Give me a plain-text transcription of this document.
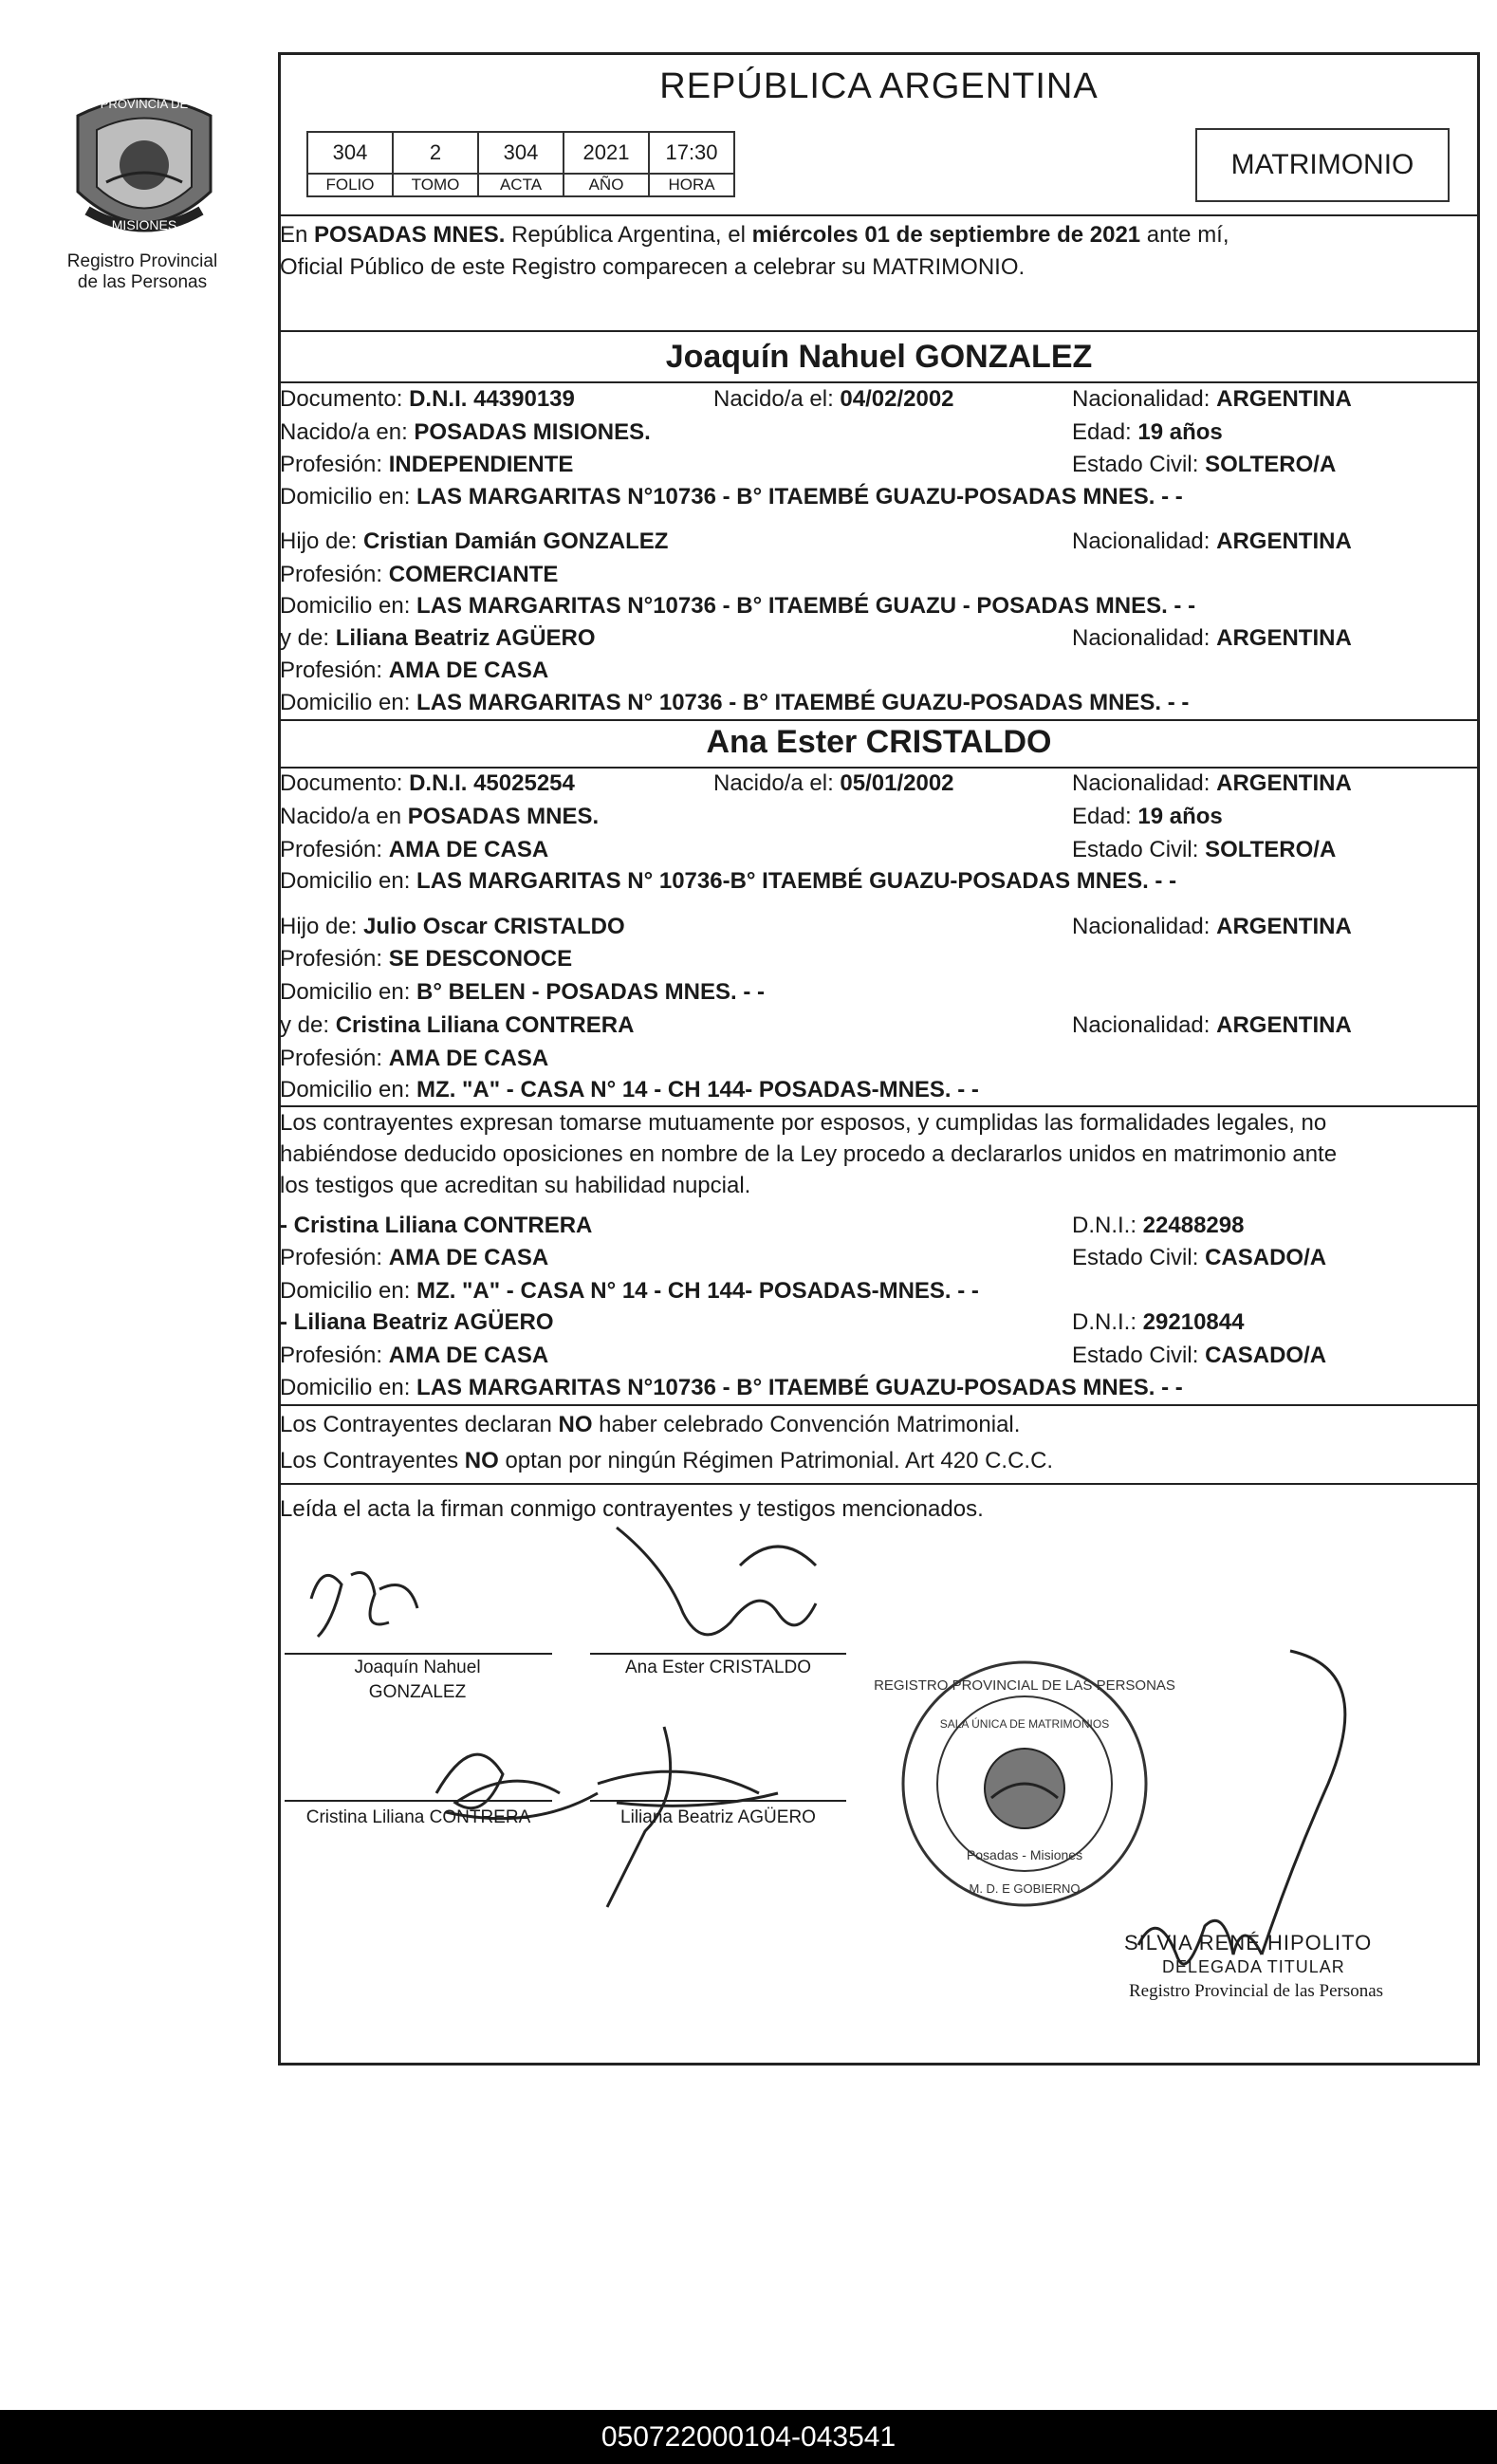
PROVINCIA DE
MISIONES
Registro Provincial
de las Personas
REPÚBLICA ARGENTINA
304	2	304	2021	17:30
FOLIO	TOMO	ACTA	AÑO	HORA
MATRIMONIO
En POSADAS MNES. República Argentina, el miércoles 01 de septiembre de 2021 ante mí,
Oficial Público de este Registro comparecen a celebrar su MATRIMONIO.
Joaquín Nahuel GONZALEZ
Documento: D.N.I. 44390139	Nacido/a el: 04/02/2002	Nacionalidad: ARGENTINA
Nacido/a en: POSADAS MISIONES.	Edad: 19 años
Profesión: INDEPENDIENTE	Estado Civil: SOLTERO/A
Domicilio en: LAS MARGARITAS N°10736 - B° ITAEMBÉ GUAZU-POSADAS MNES. - -
Hijo de: Cristian Damián GONZALEZ	Nacionalidad: ARGENTINA
Profesión: COMERCIANTE
Domicilio en: LAS MARGARITAS N°10736 - B° ITAEMBÉ GUAZU - POSADAS MNES. - -
y de: Liliana Beatriz AGÜERO	Nacionalidad: ARGENTINA
Profesión: AMA DE CASA
Domicilio en: LAS MARGARITAS N° 10736 - B° ITAEMBÉ GUAZU-POSADAS MNES. - -
Ana Ester CRISTALDO
Documento: D.N.I. 45025254	Nacido/a el: 05/01/2002	Nacionalidad: ARGENTINA
Nacido/a en POSADAS MNES.	Edad: 19 años
Profesión: AMA DE CASA	Estado Civil: SOLTERO/A
Domicilio en: LAS MARGARITAS N° 10736-B° ITAEMBÉ GUAZU-POSADAS MNES. - -
Hijo de: Julio Oscar CRISTALDO	Nacionalidad: ARGENTINA
Profesión: SE DESCONOCE
Domicilio en: B° BELEN - POSADAS MNES. - -
y de: Cristina Liliana CONTRERA	Nacionalidad: ARGENTINA
Profesión: AMA DE CASA
Domicilio en: MZ. "A" - CASA N° 14 - CH 144- POSADAS-MNES. - -
Los contrayentes expresan tomarse mutuamente por esposos, y cumplidas las formalidades legales, no
habiéndose deducido oposiciones en nombre de la Ley procedo a declararlos unidos en matrimonio ante
los testigos que acreditan su habilidad nupcial.
- Cristina Liliana CONTRERA	D.N.I.: 22488298
Profesión: AMA DE CASA	Estado Civil: CASADO/A
Domicilio en: MZ. "A" - CASA N° 14 - CH 144- POSADAS-MNES. - -
- Liliana Beatriz AGÜERO	D.N.I.: 29210844
Profesión: AMA DE CASA	Estado Civil: CASADO/A
Domicilio en: LAS MARGARITAS N°10736 - B° ITAEMBÉ GUAZU-POSADAS MNES. - -
Los Contrayentes declaran NO haber celebrado Convención Matrimonial.
Los Contrayentes NO optan por ningún Régimen Patrimonial. Art 420 C.C.C.
Leída el acta la firman conmigo contrayentes y testigos mencionados.
Joaquín Nahuel
GONZALEZ
Ana Ester CRISTALDO
Cristina Liliana CONTRERA	Liliana Beatriz AGÜERO
REGISTRO PROVINCIAL DE LAS PERSONAS
SALA ÚNICA DE MATRIMONIOS
Posadas - Misiones
M. D. E GOBIERNO
SILVIA RENÉ HIPOLITO
DELEGADA TITULAR
Registro Provincial de las Personas
050722000104-043541
